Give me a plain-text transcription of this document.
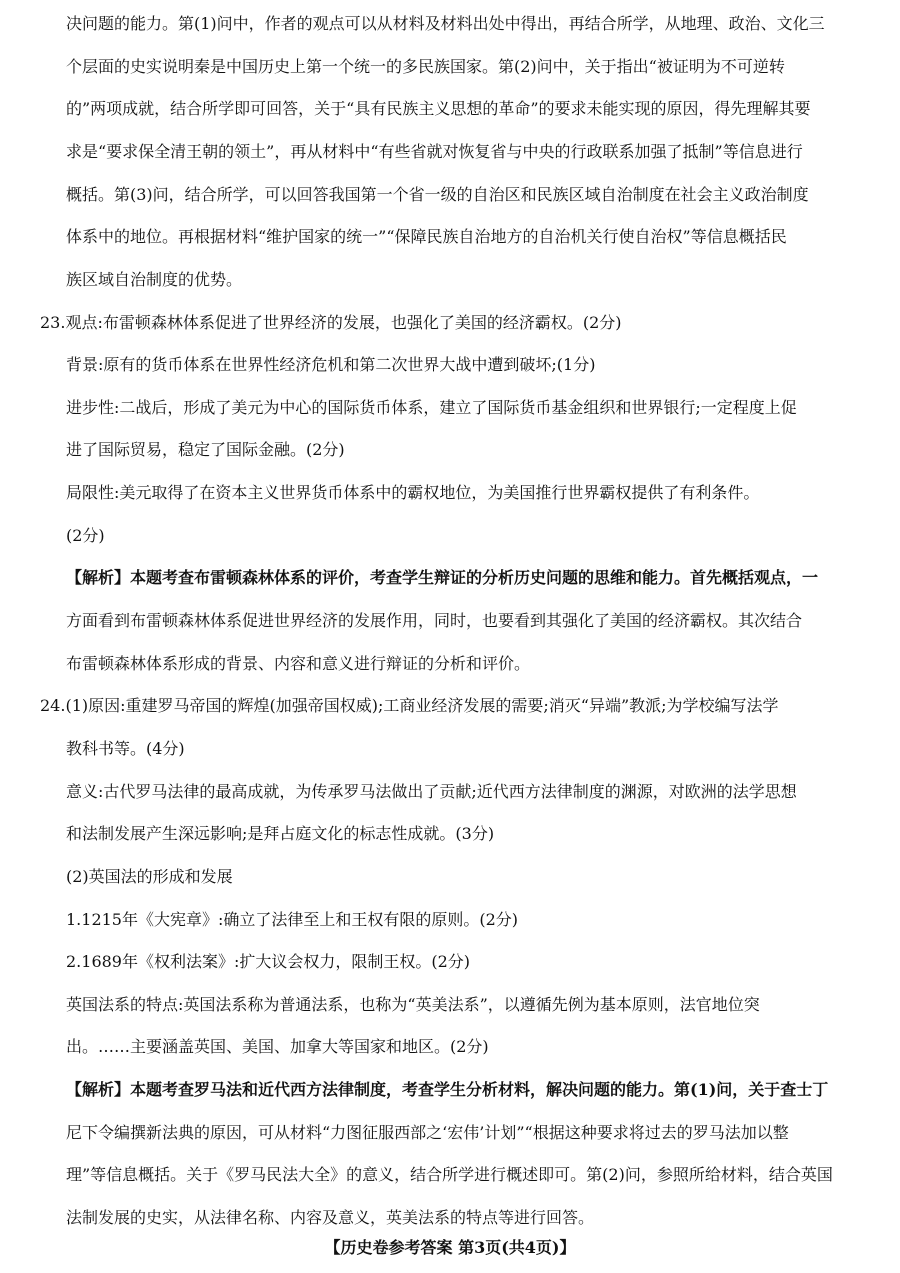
决问题的能力。第(1)问中，作者的观点可以从材料及材料出处中得出，再结合所学，从地理、政治、文化三
个层面的史实说明秦是中国历史上第一个统一的多民族国家。第(2)问中，关于指出“被证明为不可逆转
的”两项成就，结合所学即可回答，关于“具有民族主义思想的革命”的要求未能实现的原因，得先理解其要
求是“要求保全清王朝的领土”，再从材料中“有些省就对恢复省与中央的行政联系加强了抵制”等信息进行
概括。第(3)问，结合所学，可以回答我国第一个省一级的自治区和民族区域自治制度在社会主义政治制度
体系中的地位。再根据材料“维护国家的统一”“保障民族自治地方的自治机关行使自治权”等信息概括民
族区域自治制度的优势。
23.观点:布雷顿森林体系促进了世界经济的发展，也强化了美国的经济霸权。(2分)
背景:原有的货币体系在世界性经济危机和第二次世界大战中遭到破坏;(1分)
进步性:二战后，形成了美元为中心的国际货币体系，建立了国际货币基金组织和世界银行;一定程度上促
进了国际贸易，稳定了国际金融。(2分)
局限性:美元取得了在资本主义世界货币体系中的霸权地位，为美国推行世界霸权提供了有利条件。
(2分)
【解析】本题考查布雷顿森林体系的评价，考查学生辩证的分析历史问题的思维和能力。首先概括观点，一
方面看到布雷顿森林体系促进世界经济的发展作用，同时，也要看到其强化了美国的经济霸权。其次结合
布雷顿森林体系形成的背景、内容和意义进行辩证的分析和评价。
24.(1)原因:重建罗马帝国的辉煌(加强帝国权威);工商业经济发展的需要;消灭“异端”教派;为学校编写法学
教科书等。(4分)
意义:古代罗马法律的最高成就，为传承罗马法做出了贡献;近代西方法律制度的渊源，对欧洲的法学思想
和法制发展产生深远影响;是拜占庭文化的标志性成就。(3分)
(2)英国法的形成和发展
1.1215年《大宪章》:确立了法律至上和王权有限的原则。(2分)
2.1689年《权利法案》:扩大议会权力，限制王权。(2分)
英国法系的特点:英国法系称为普通法系，也称为“英美法系”，以遵循先例为基本原则，法官地位突
出。……主要涵盖英国、美国、加拿大等国家和地区。(2分)
【解析】本题考查罗马法和近代西方法律制度，考查学生分析材料，解决问题的能力。第(1)问，关于查士丁
尼下令编撰新法典的原因，可从材料“力图征服西部之‘宏伟’计划”“根据这种要求将过去的罗马法加以整
理”等信息概括。关于《罗马民法大全》的意义，结合所学进行概述即可。第(2)问，参照所给材料，结合英国
【历史卷参考答案 第3页(共4页)】
法制发展的史实，从法律名称、内容及意义，英美法系的特点等进行回答。
